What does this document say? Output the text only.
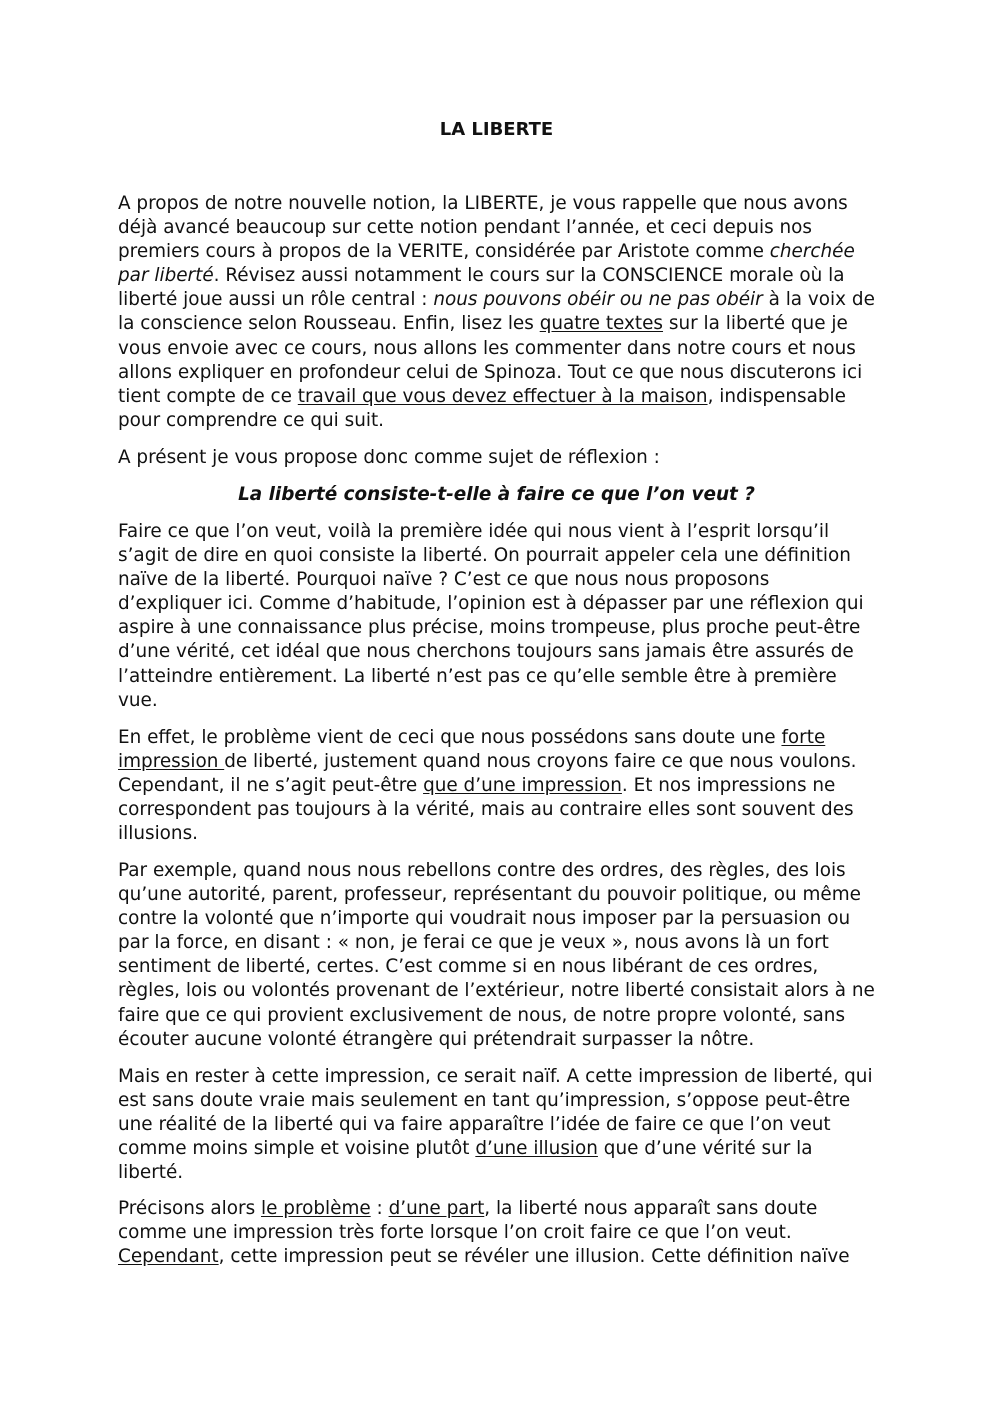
LA LIBERTE

A propos de notre nouvelle notion, la LIBERTE, je vous rappelle que nous avons déjà avancé beaucoup sur cette notion pendant l’année, et ceci depuis nos premiers cours à propos de la VERITE, considérée par Aristote comme cherchée par liberté. Révisez aussi notamment le cours sur la CONSCIENCE morale où la liberté joue aussi un rôle central : nous pouvons obéir ou ne pas obéir à la voix de la conscience selon Rousseau. Enfin, lisez les quatre textes sur la liberté que je vous envoie avec ce cours, nous allons les commenter dans notre cours et nous allons expliquer en profondeur celui de Spinoza. Tout ce que nous discuterons ici tient compte de ce travail que vous devez effectuer à la maison, indispensable pour comprendre ce qui suit.

A présent je vous propose donc comme sujet de réflexion :

La liberté consiste-t-elle à faire ce que l’on veut ?

Faire ce que l’on veut, voilà la première idée qui nous vient à l’esprit lorsqu’il s’agit de dire en quoi consiste la liberté. On pourrait appeler cela une définition naïve de la liberté. Pourquoi naïve ? C’est ce que nous nous proposons d’expliquer ici. Comme d’habitude, l’opinion est à dépasser par une réflexion qui aspire à une connaissance plus précise, moins trompeuse, plus proche peut-être d’une vérité, cet idéal que nous cherchons toujours sans jamais être assurés de l’atteindre entièrement. La liberté n’est pas ce qu’elle semble être à première vue.

En effet, le problème vient de ceci que nous possédons sans doute une forte impression de liberté, justement quand nous croyons faire ce que nous voulons. Cependant, il ne s’agit peut-être que d’une impression. Et nos impressions ne correspondent pas toujours à la vérité, mais au contraire elles sont souvent des illusions.

Par exemple, quand nous nous rebellons contre des ordres, des règles, des lois qu’une autorité, parent, professeur, représentant du pouvoir politique, ou même contre la volonté que n’importe qui voudrait nous imposer par la persuasion ou par la force, en disant : « non, je ferai ce que je veux », nous avons là un fort sentiment de liberté, certes. C’est comme si en nous libérant de ces ordres, règles, lois ou volontés provenant de l’extérieur, notre liberté consistait alors à ne faire que ce qui provient exclusivement de nous, de notre propre volonté, sans écouter aucune volonté étrangère qui prétendrait surpasser la nôtre.

Mais en rester à cette impression, ce serait naïf. A cette impression de liberté, qui est sans doute vraie mais seulement en tant qu’impression, s’oppose peut-être une réalité de la liberté qui va faire apparaître l’idée de faire ce que l’on veut comme moins simple et voisine plutôt d’une illusion que d’une vérité sur la liberté.

Précisons alors le problème : d’une part, la liberté nous apparaît sans doute comme une impression très forte lorsque l’on croit faire ce que l’on veut. Cependant, cette impression peut se révéler une illusion. Cette définition naïve
